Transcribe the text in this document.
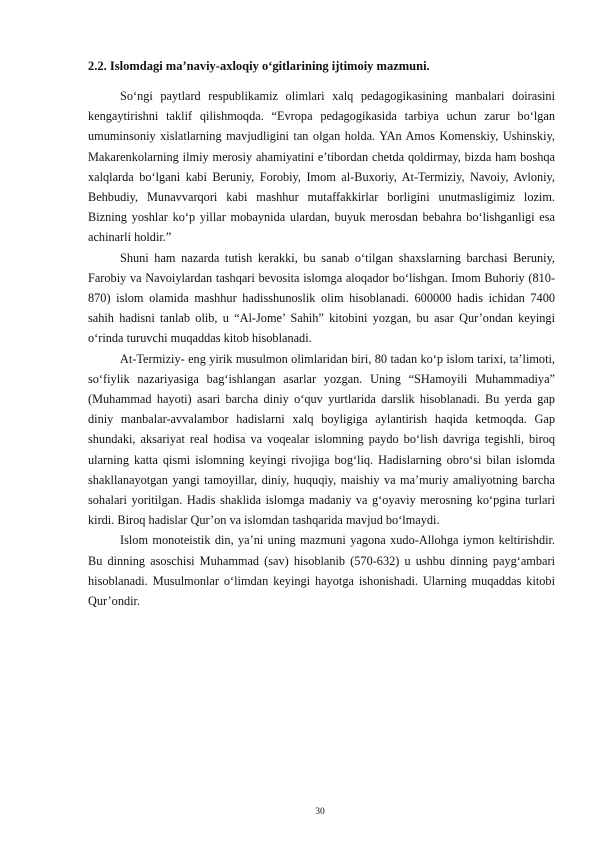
2.2. Islomdagi ma’naviy-axloqiy o‘gitlarining ijtimoiy mazmuni.

So‘ngi paytlard respublikamiz olimlari xalq pedagogikasining manbalari doirasini kengaytirishni taklif qilishmoqda. “Evropa pedagogikasida tarbiya uchun zarur bo‘lgan umuminsoniy xislatlarning mavjudligini tan olgan holda. YAn Amos Komenskiy, Ushinskiy, Makarenkolarning ilmiy merosiy ahamiyatini e’tibordan chetda qoldirmay, bizda ham boshqa xalqlarda bo‘lgani kabi Beruniy, Forobiy, Imom al-Buxoriy, At-Termiziy, Navoiy, Avloniy, Behbudiy, Munavvarqori kabi mashhur mutaffakkirlar borligini unutmasligimiz lozim. Bizning yoshlar ko‘p yillar mobaynida ulardan, buyuk merosdan bebahra bo‘lishganligi esa achinarli holdir.”

Shuni ham nazarda tutish kerakki, bu sanab o‘tilgan shaxslarning barchasi Beruniy, Farobiy va Navoiylardan tashqari bevosita islomga aloqador bo‘lishgan. Imom Buhoriy (810-870) islom olamida mashhur hadisshunoslik olim hisoblanadi. 600000 hadis ichidan 7400 sahih hadisni tanlab olib, u “Al-Jome’ Sahih” kitobini yozgan, bu asar Qur’ondan keyingi o‘rinda turuvchi muqaddas kitob hisoblanadi.

At-Termiziy- eng yirik musulmon olimlaridan biri, 80 tadan ko‘p islom tarixi, ta’limoti, so‘fiylik nazariyasiga bag‘ishlangan asarlar yozgan. Uning “SHamoyili Muhammadiya” (Muhammad hayoti) asari barcha diniy o‘quv yurtlarida darslik hisoblanadi. Bu yerda gap diniy manbalar-avvalambor hadislarni xalq boyligiga aylantirish haqida ketmoqda. Gap shundaki, aksariyat real hodisa va voqealar islomning paydo bo‘lish davriga tegishli, biroq ularning katta qismi islomning keyingi rivojiga bog‘liq. Hadislarning obro‘si bilan islomda shakllanayotgan yangi tamoyillar, diniy, huquqiy, maishiy va ma’muriy amaliyotning barcha sohalari yoritilgan. Hadis shaklida islomga madaniy va g‘oyaviy merosning ko‘pgina turlari kirdi. Biroq hadislar Qur’on va islomdan tashqarida mavjud bo‘lmaydi.

Islom monoteistik din, ya’ni uning mazmuni yagona xudo-Allohga iymon keltirishdir. Bu dinning asoschisi Muhammad (sav) hisoblanib (570-632) u ushbu dinning payg‘ambari hisoblanadi. Musulmonlar o‘limdan keyingi hayotga ishonishadi. Ularning muqaddas kitobi Qur’ondir.

30
